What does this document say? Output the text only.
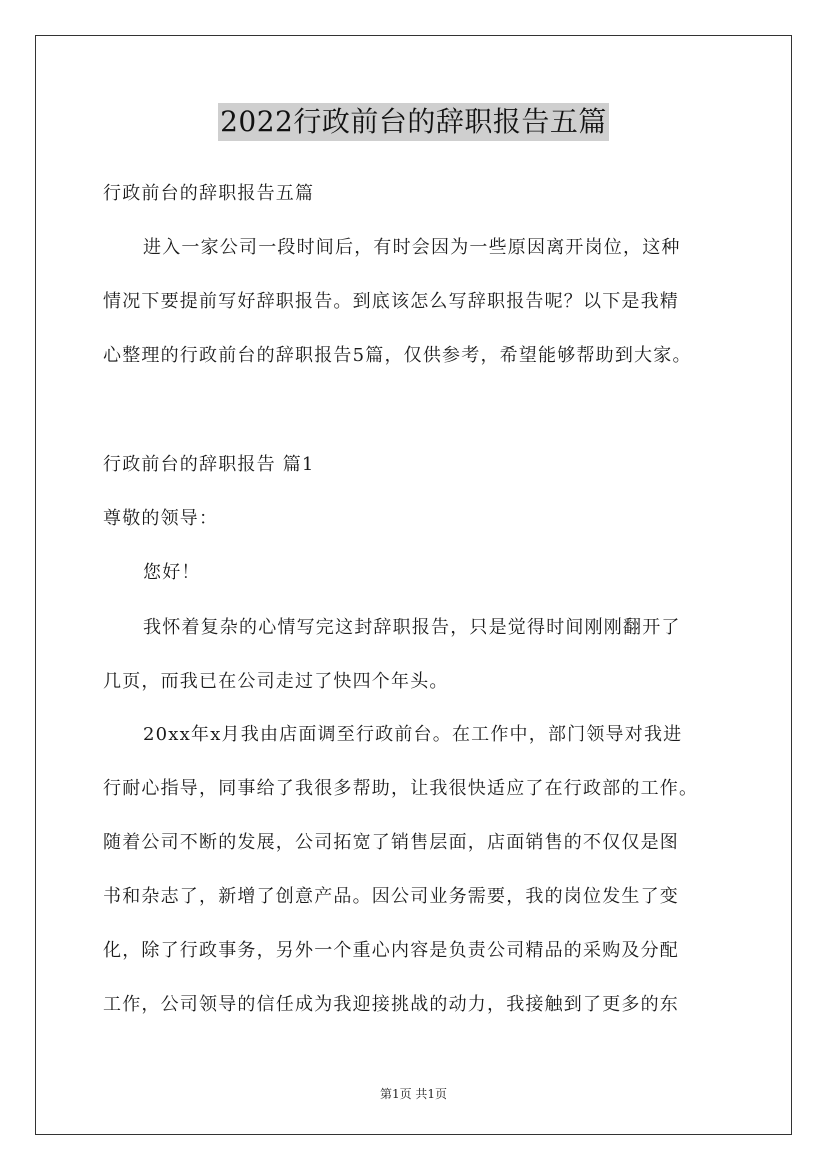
2022行政前台的辞职报告五篇
行政前台的辞职报告五篇
进入一家公司一段时间后，有时会因为一些原因离开岗位，这种
情况下要提前写好辞职报告。到底该怎么写辞职报告呢？以下是我精
心整理的行政前台的辞职报告5篇，仅供参考，希望能够帮助到大家。
行政前台的辞职报告 篇1
尊敬的领导：
您好！
我怀着复杂的心情写完这封辞职报告，只是觉得时间刚刚翻开了
几页，而我已在公司走过了快四个年头。
20xx年x月我由店面调至行政前台。在工作中，部门领导对我进
行耐心指导，同事给了我很多帮助，让我很快适应了在行政部的工作。
随着公司不断的发展，公司拓宽了销售层面，店面销售的不仅仅是图
书和杂志了，新增了创意产品。因公司业务需要，我的岗位发生了变
化，除了行政事务，另外一个重心内容是负责公司精品的采购及分配
工作，公司领导的信任成为我迎接挑战的动力，我接触到了更多的东
第1页 共1页
